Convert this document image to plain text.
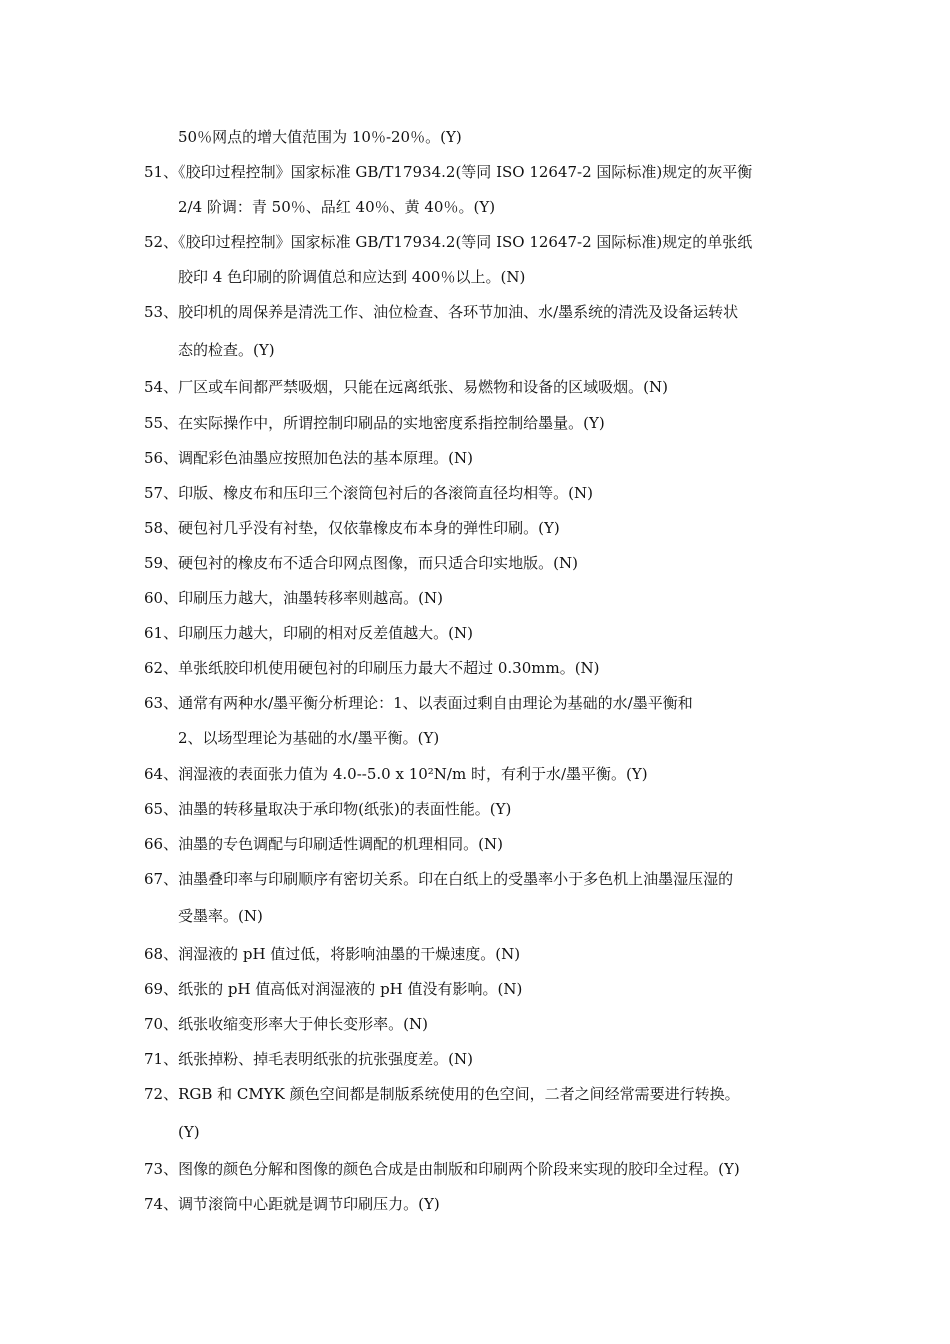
50％网点的增大值范围为 10％-20％。(Y)
51、《胶印过程控制》国家标准 GB/T17934.2(等同 ISO 12647-2 国际标准)规定的灰平衡
2/4 阶调：青 50％、品红 40％、黄 40％。(Y)
52、《胶印过程控制》国家标准 GB/T17934.2(等同 ISO 12647-2 国际标准)规定的单张纸
胶印 4 色印刷的阶调值总和应达到 400％以上。(N)
53、胶印机的周保养是清洗工作、油位检查、各环节加油、水/墨系统的清洗及设备运转状
态的检查。(Y)
54、厂区或车间都严禁吸烟，只能在远离纸张、易燃物和设备的区域吸烟。(N)
55、在实际操作中，所谓控制印刷品的实地密度系指控制给墨量。(Y)
56、调配彩色油墨应按照加色法的基本原理。(N)
57、印版、橡皮布和压印三个滚筒包衬后的各滚筒直径均相等。(N)
58、硬包衬几乎没有衬垫，仅依靠橡皮布本身的弹性印刷。(Y)
59、硬包衬的橡皮布不适合印网点图像，而只适合印实地版。(N)
60、印刷压力越大，油墨转移率则越高。(N)
61、印刷压力越大，印刷的相对反差值越大。(N)
62、单张纸胶印机使用硬包衬的印刷压力最大不超过 0.30mm。(N)
63、通常有两种水/墨平衡分析理论：1、以表面过剩自由理论为基础的水/墨平衡和
2、以场型理论为基础的水/墨平衡。(Y)
64、润湿液的表面张力值为 4.0--5.0 x 10²N/m 时，有利于水/墨平衡。(Y)
65、油墨的转移量取决于承印物(纸张)的表面性能。(Y)
66、油墨的专色调配与印刷适性调配的机理相同。(N)
67、油墨叠印率与印刷顺序有密切关系。印在白纸上的受墨率小于多色机上油墨湿压湿的
受墨率。(N)
68、润湿液的 pH 值过低，将影响油墨的干燥速度。(N)
69、纸张的 pH 值高低对润湿液的 pH 值没有影响。(N)
70、纸张收缩变形率大于伸长变形率。(N)
71、纸张掉粉、掉毛表明纸张的抗张强度差。(N)
72、RGB 和 CMYK 颜色空间都是制版系统使用的色空间，二者之间经常需要进行转换。
(Y)
73、图像的颜色分解和图像的颜色合成是由制版和印刷两个阶段来实现的胶印全过程。(Y)
74、调节滚筒中心距就是调节印刷压力。(Y)
